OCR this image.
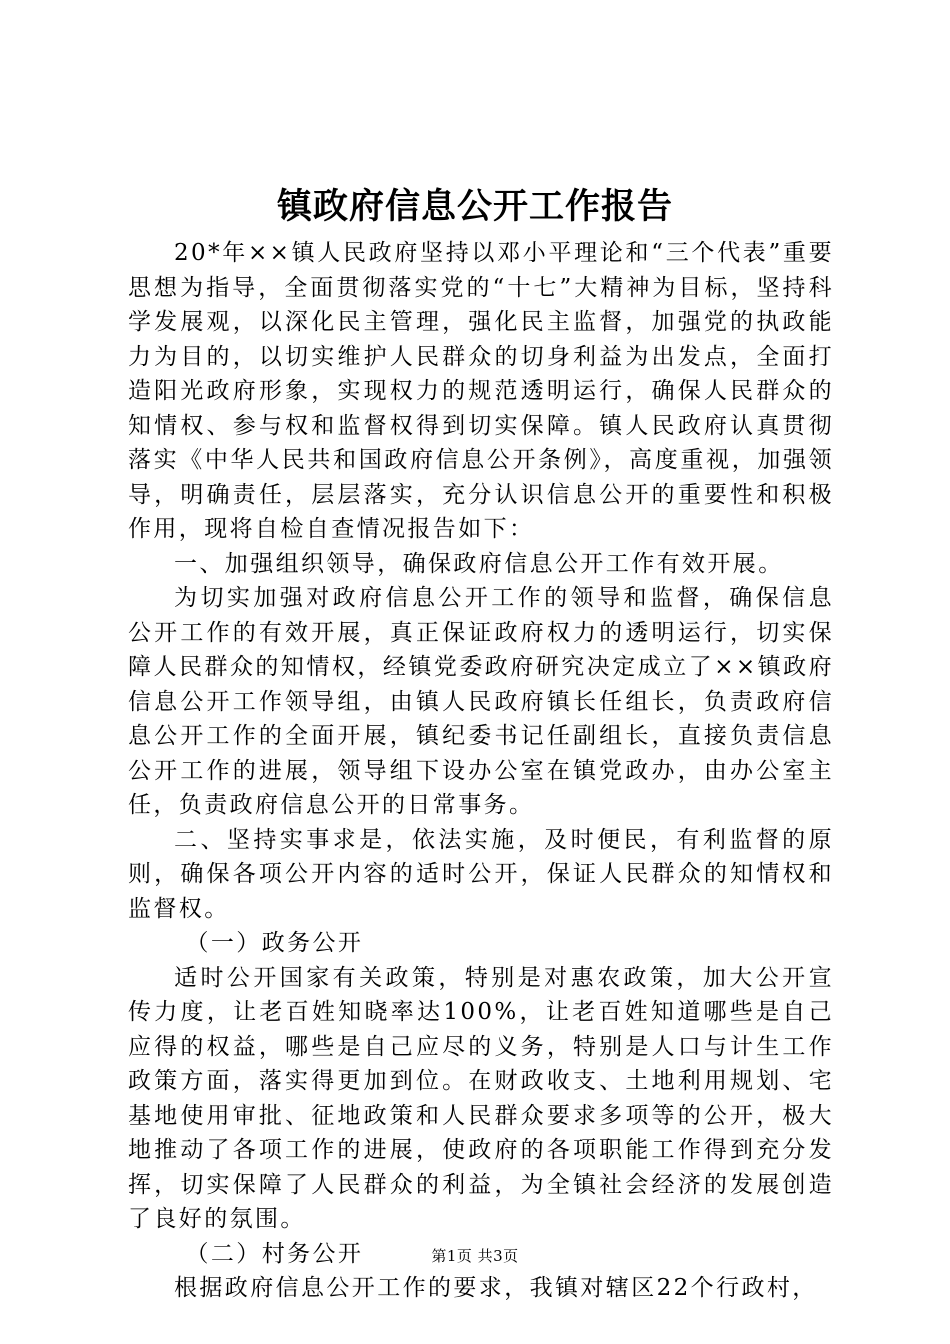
镇政府信息公开工作报告

20*年××镇人民政府坚持以邓小平理论和“三个代表”重要思想为指导，全面贯彻落实党的“十七”大精神为目标，坚持科学发展观，以深化民主管理，强化民主监督，加强党的执政能力为目的，以切实维护人民群众的切身利益为出发点，全面打造阳光政府形象，实现权力的规范透明运行，确保人民群众的知情权、参与权和监督权得到切实保障。镇人民政府认真贯彻落实《中华人民共和国政府信息公开条例》，高度重视，加强领导，明确责任，层层落实，充分认识信息公开的重要性和积极作用，现将自检自查情况报告如下：

一、加强组织领导，确保政府信息公开工作有效开展。

为切实加强对政府信息公开工作的领导和监督，确保信息公开工作的有效开展，真正保证政府权力的透明运行，切实保障人民群众的知情权，经镇党委政府研究决定成立了××镇政府信息公开工作领导组，由镇人民政府镇长任组长，负责政府信息公开工作的全面开展，镇纪委书记任副组长，直接负责信息公开工作的进展，领导组下设办公室在镇党政办，由办公室主任，负责政府信息公开的日常事务。

二、坚持实事求是，依法实施，及时便民，有利监督的原则，确保各项公开内容的适时公开，保证人民群众的知情权和监督权。

（一）政务公开

适时公开国家有关政策，特别是对惠农政策，加大公开宣传力度，让老百姓知晓率达100%，让老百姓知道哪些是自己应得的权益，哪些是自己应尽的义务，特别是人口与计生工作政策方面，落实得更加到位。在财政收支、土地利用规划、宅基地使用审批、征地政策和人民群众要求多项等的公开，极大地推动了各项工作的进展，使政府的各项职能工作得到充分发挥，切实保障了人民群众的利益，为全镇社会经济的发展创造了良好的氛围。

（二）村务公开

根据政府信息公开工作的要求，我镇对辖区22个行政村，

第1页 共3页
